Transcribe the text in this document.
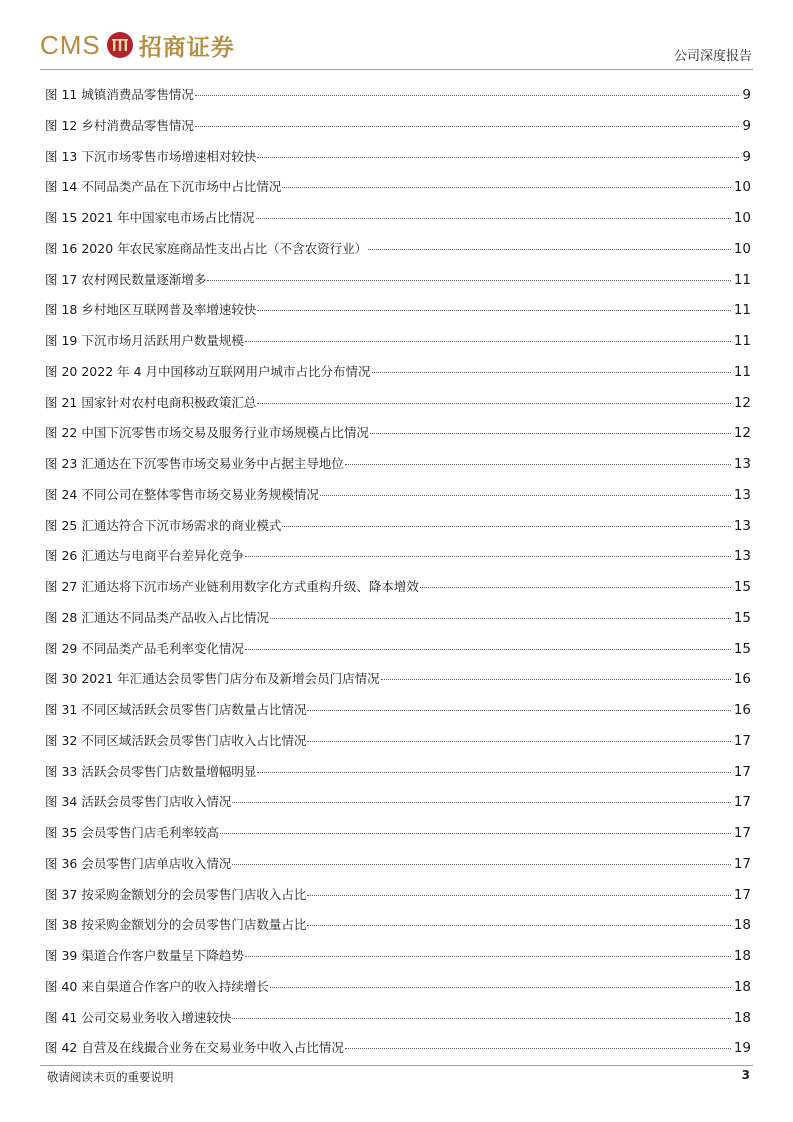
CMS 招商证券	公司深度报告
图 11 城镇消费品零售情况	9
图 12 乡村消费品零售情况	9
图 13 下沉市场零售市场增速相对较快	9
图 14 不同品类产品在下沉市场中占比情况	10
图 15 2021 年中国家电市场占比情况	10
图 16 2020 年农民家庭商品性支出占比（不含农资行业）	10
图 17 农村网民数量逐渐增多	11
图 18 乡村地区互联网普及率增速较快	11
图 19 下沉市场月活跃用户数量规模	11
图 20 2022 年 4 月中国移动互联网用户城市占比分布情况	11
图 21 国家针对农村电商积极政策汇总	12
图 22 中国下沉零售市场交易及服务行业市场规模占比情况	12
图 23 汇通达在下沉零售市场交易业务中占据主导地位	13
图 24 不同公司在整体零售市场交易业务规模情况	13
图 25 汇通达符合下沉市场需求的商业模式	13
图 26 汇通达与电商平台差异化竞争	13
图 27 汇通达将下沉市场产业链利用数字化方式重构升级、降本增效	15
图 28 汇通达不同品类产品收入占比情况	15
图 29 不同品类产品毛利率变化情况	15
图 30 2021 年汇通达会员零售门店分布及新增会员门店情况	16
图 31 不同区域活跃会员零售门店数量占比情况	16
图 32 不同区域活跃会员零售门店收入占比情况	17
图 33 活跃会员零售门店数量增幅明显	17
图 34 活跃会员零售门店收入情况	17
图 35 会员零售门店毛利率较高	17
图 36 会员零售门店单店收入情况	17
图 37 按采购金额划分的会员零售门店收入占比	17
图 38 按采购金额划分的会员零售门店数量占比	18
图 39 渠道合作客户数量呈下降趋势	18
图 40 来自渠道合作客户的收入持续增长	18
图 41 公司交易业务收入增速较快	18
图 42 自营及在线撮合业务在交易业务中收入占比情况	19
敬请阅读末页的重要说明	3
